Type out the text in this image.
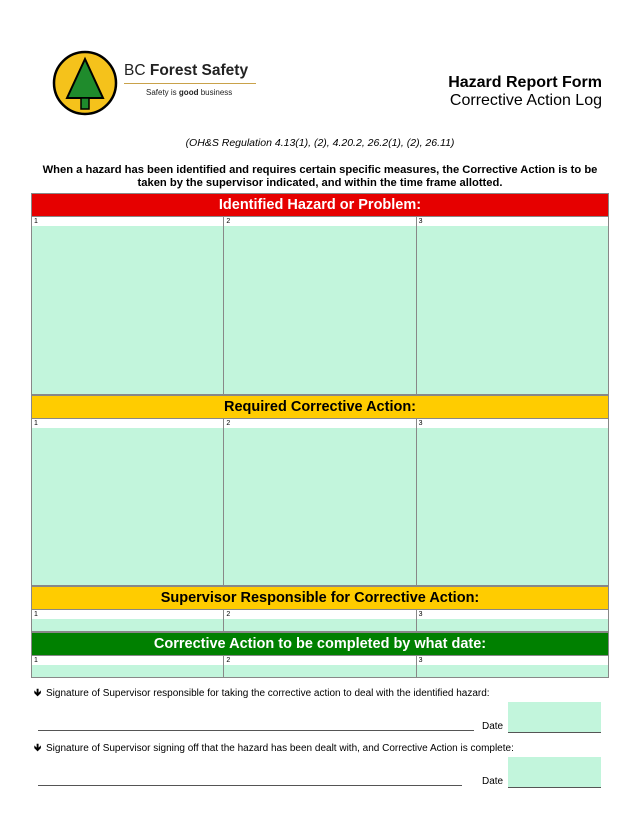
BC Forest Safety
Safety is good business
Hazard Report Form
Corrective Action Log
(OH&S Regulation 4.13(1), (2), 4.20.2, 26.2(1), (2), 26.11)
When a hazard has been identified and requires certain specific measures, the Corrective Action is to be taken by the supervisor indicated, and within the time frame allotted.
Identified Hazard or Problem:
1	2	3
Required Corrective Action:
1	2	3
Supervisor Responsible for Corrective Action:
1	2	3
Corrective Action to be completed by what date:
1	2	3
🡻 Signature of Supervisor responsible for taking the corrective action to deal with the identified hazard:
Date
🡻 Signature of Supervisor signing off that the hazard has been dealt with, and Corrective Action is complete:
Date
